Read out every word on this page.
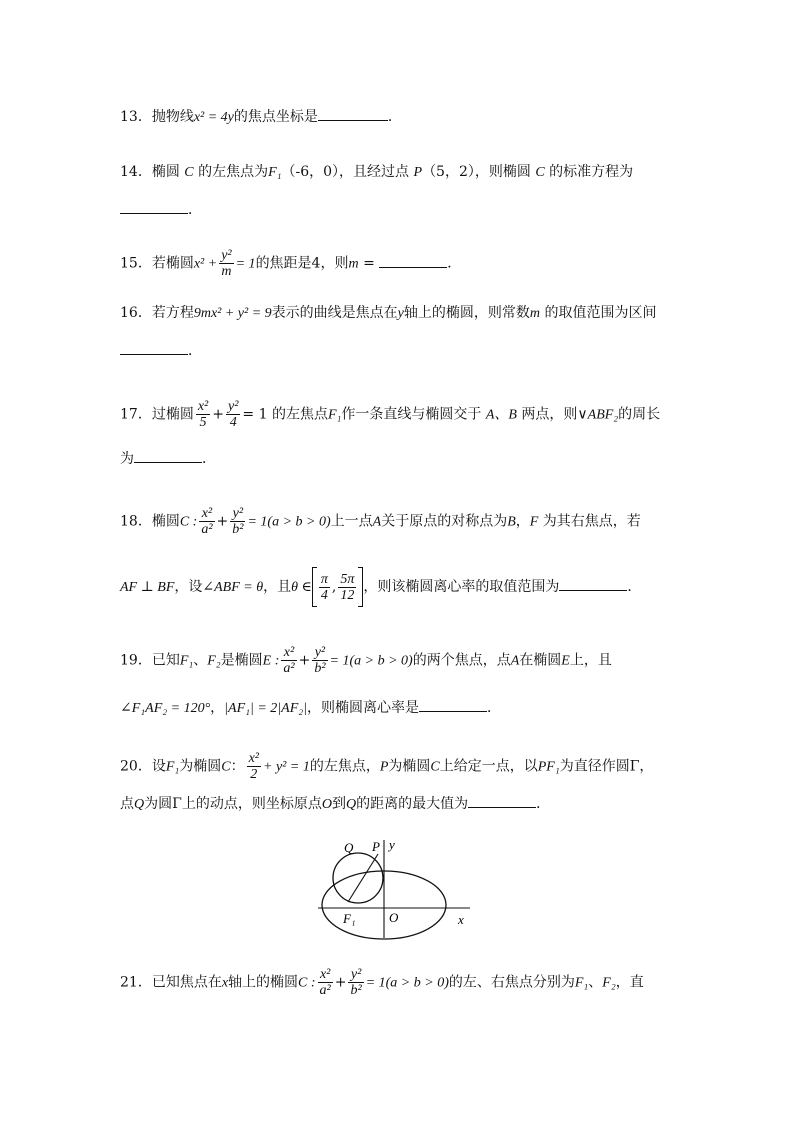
13．抛物线x² = 4y的焦点坐标是	．
14．椭圆 C 的左焦点为F₁（-6，0），且经过点 P（5，2），则椭圆 C 的标准方程为
．
15．若椭圆$x^2 + \frac{\text{y²}}{m} = 1$的焦距是4，则m =	．
16．若方程9mx² + y² = 9表示的曲线是焦点在y轴上的椭圆，则常数m 的取值范围为区间
．
17．过椭圆 $\frac{\text{x²}}{5} + \frac{\text{y²}}{4} = 1$ 的左焦点F₁作一条直线与椭圆交于 A、B 两点，则∨ABF₂的周长
为	．
18．椭圆C : $\frac{\text{x²}}{\text{a²}} + \frac{\text{y²}}{\text{b²}} = 1(a > b > 0)$上一点A关于原点的对称点为B，F 为其右焦点，若
AF ⊥ BF，设∠ABF = θ，且θ ∈ $\frac{\pi}{4}$ , $\frac{5\pi}{12}$ ，则该椭圆离心率的取值范围为	．
19．已知F₁、F₂是椭圆E : $\frac{\text{x²}}{\text{a²}} + \frac{\text{y²}}{\text{b²}} = 1(a > b > 0)$的两个焦点，点A在椭圆E上，且
∠F₁AF₂ = 120°，|AF₁| = 2|AF₂|，则椭圆离心率是	．
20．设F₁为椭圆C： $\frac{\text{x²}}{2} + y^2 = 1$的左焦点，P为椭圆C上给定一点，以PF₁为直径作圆Γ，
点Q为圆Γ上的动点，则坐标原点O到Q的距离的最大值为	．
Q P y
F₁	O	x
21．已知焦点在x轴上的椭圆C : $\frac{\text{x²}}{\text{a²}} + \frac{\text{y²}}{\text{b²}} = 1(a > b > 0)$的左、右焦点分别为F₁、F₂，直
